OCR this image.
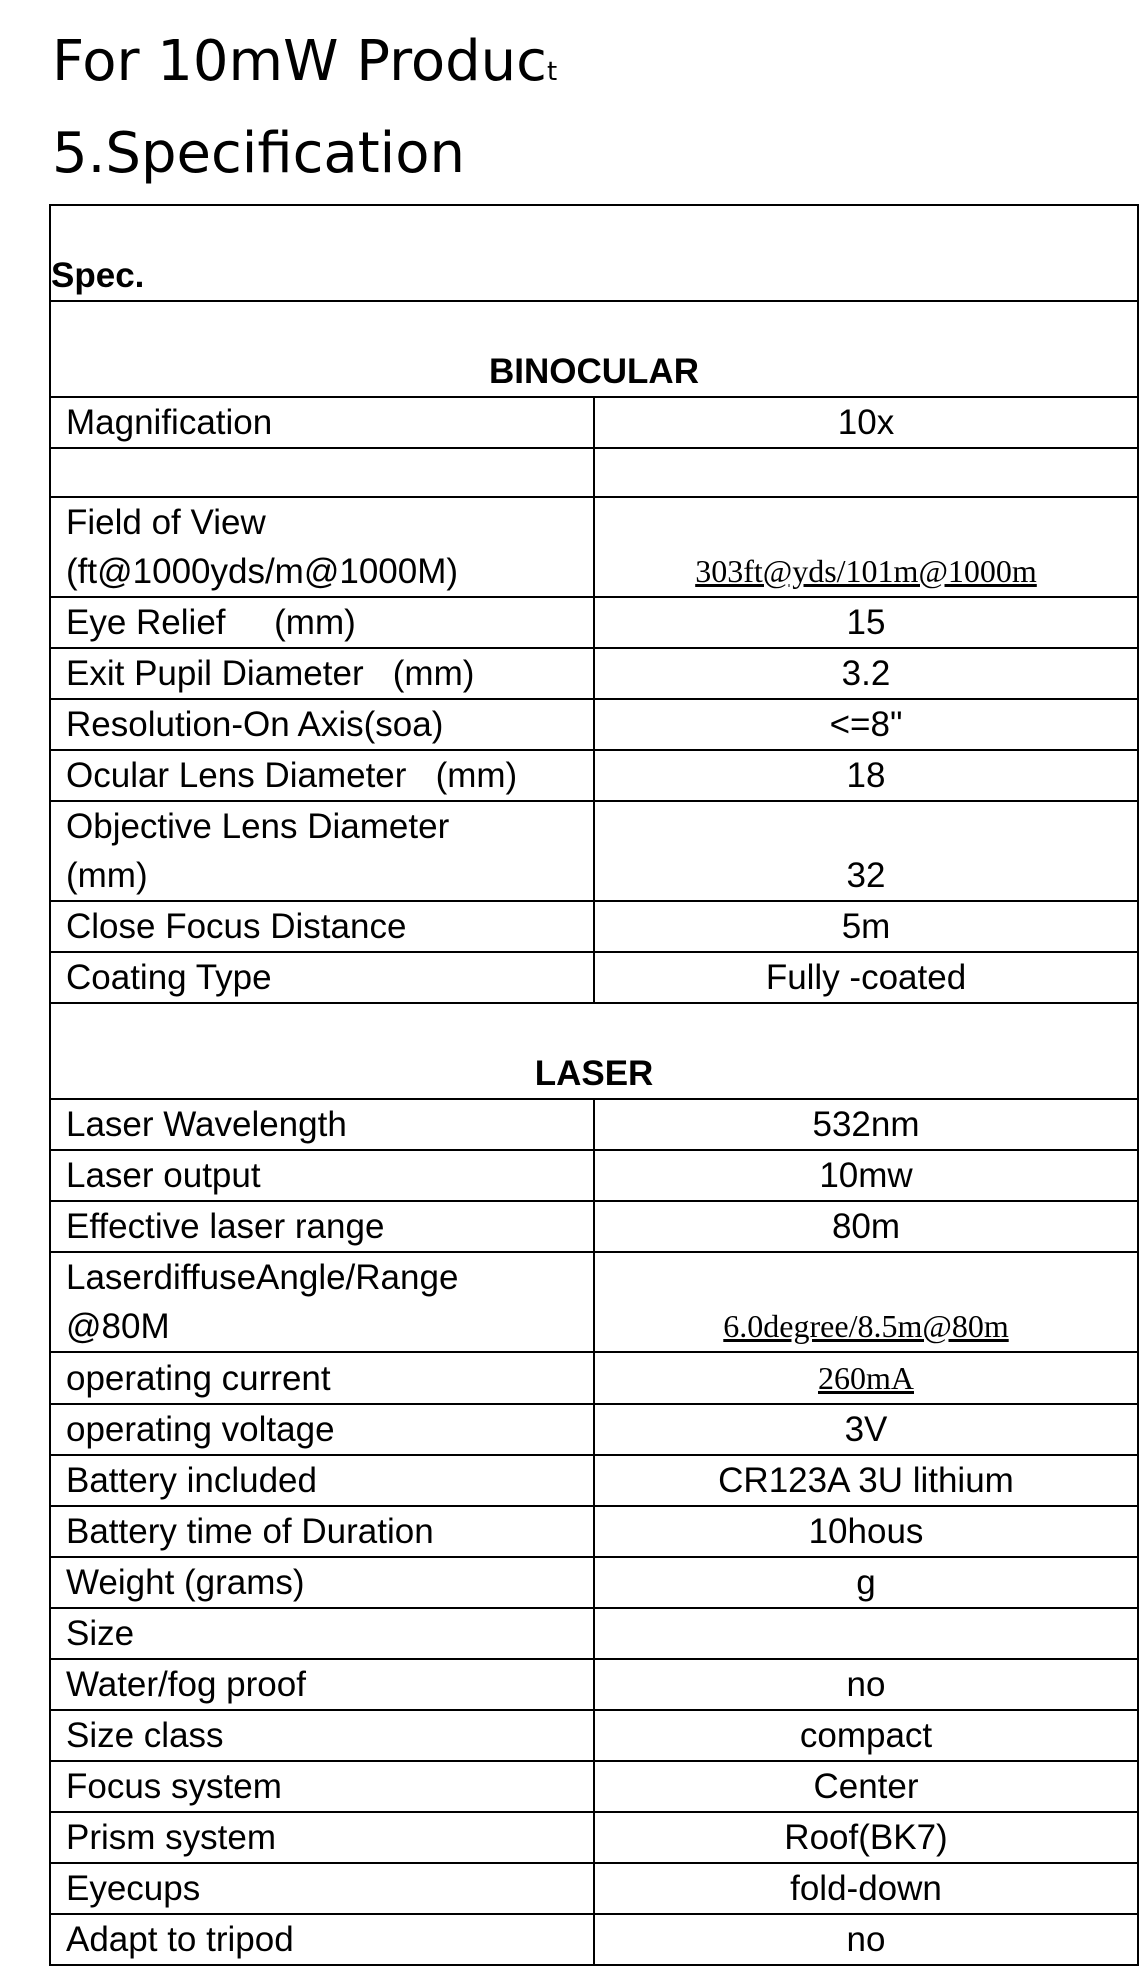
For 10mW Product
5.Specification
Spec.	
BINOCULAR	
Magnification	10x

Field of View
(ft@1000yds/m@1000M)	303ft@yds/101m@1000m
Eye Relief     (mm)	15
Exit Pupil Diameter   (mm)	3.2
Resolution-On Axis(soa)	<=8"
Ocular Lens Diameter   (mm)	18

Objective Lens Diameter
(mm)	32
Close Focus Distance	5m
Coating Type	Fully -coated
LASER	
Laser Wavelength	532nm
Laser output	10mw
Effective laser range	80m

LaserdiffuseAngle/Range
@80M	6.0degree/8.5m@80m
operating current	260mA
operating voltage	3V
Battery included	CR123A 3U lithium
Battery time of Duration	10hous
Weight (grams)	g
Size	
Water/fog proof	no
Size class	compact
Focus system	Center
Prism system	Roof(BK7)
Eyecups	fold-down
Adapt to tripod	no
